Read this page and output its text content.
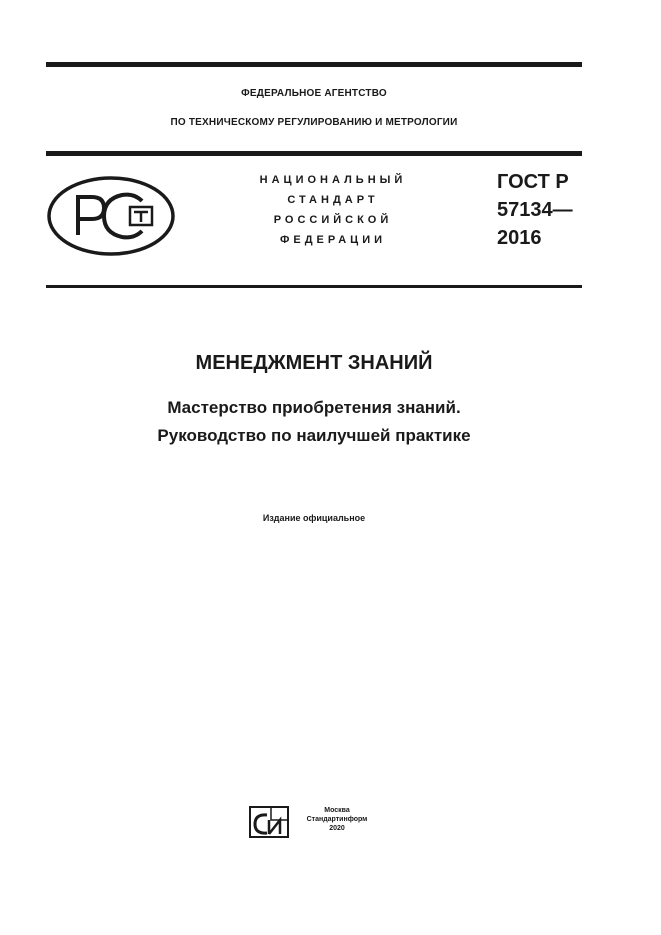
ФЕДЕРАЛЬНОЕ АГЕНТСТВО
ПО ТЕХНИЧЕСКОМУ РЕГУЛИРОВАНИЮ И МЕТРОЛОГИИ
НАЦИОНАЛЬНЫЙ
СТАНДАРТ
РОССИЙСКОЙ
ФЕДЕРАЦИИ
ГОСТ Р
57134—
2016
МЕНЕДЖМЕНТ ЗНАНИЙ
Мастерство приобретения знаний.
Руководство по наилучшей практике
Издание официальное
Москва
Стандартинформ
2020
